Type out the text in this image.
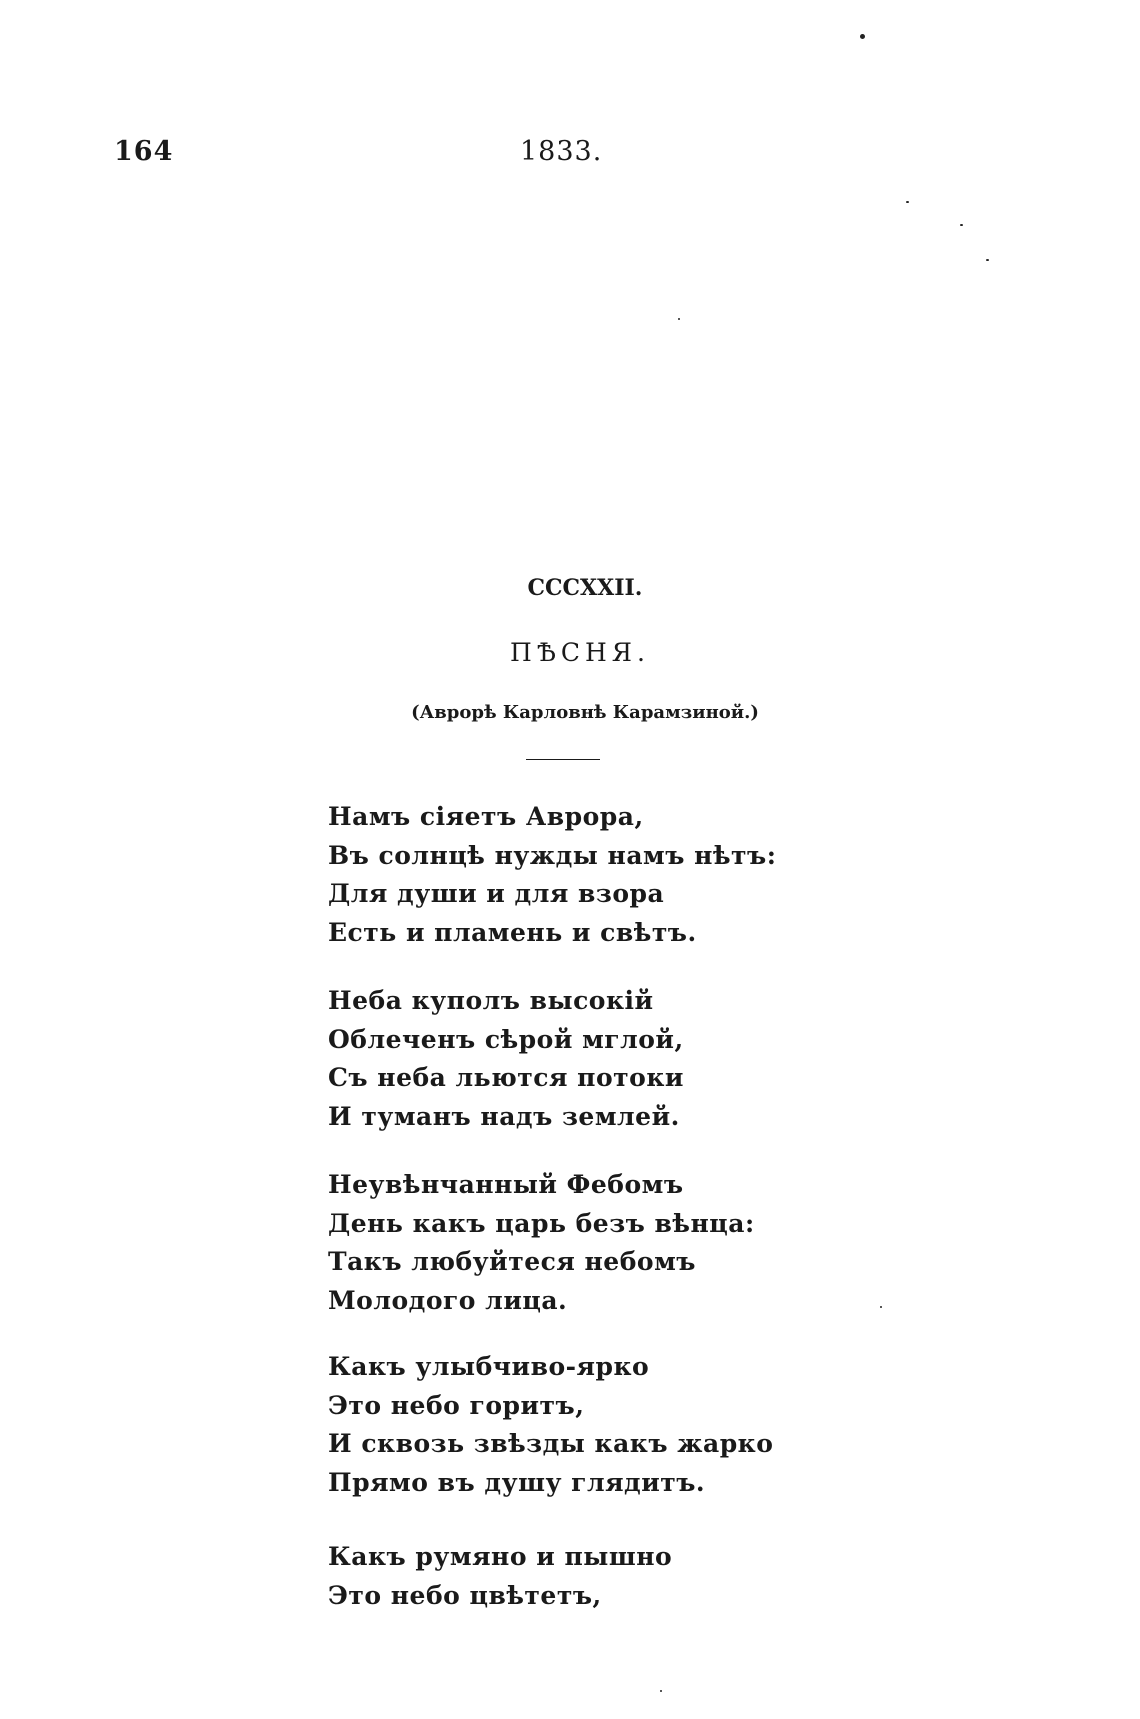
164	1833.
CCCXXII.
ПѢСНЯ.
(Аврорѣ Карловнѣ Карамзиной.)
Намъ сіяетъ Аврора,
Въ солнцѣ нужды намъ нѣтъ:
Для души и для взора
Есть и пламень и свѣтъ.
Неба куполъ высокій
Облеченъ сѣрой мглой,
Съ неба льются потоки
И туманъ надъ землей.
Неувѣнчанный Фебомъ
День какъ царь безъ вѣнца:
Такъ любуйтеся небомъ
Молодого лица.
Какъ улыбчиво-ярко
Это небо горитъ,
И сквозь звѣзды какъ жарко
Прямо въ душу глядитъ.
Какъ румяно и пышно
Это небо цвѣтетъ,
